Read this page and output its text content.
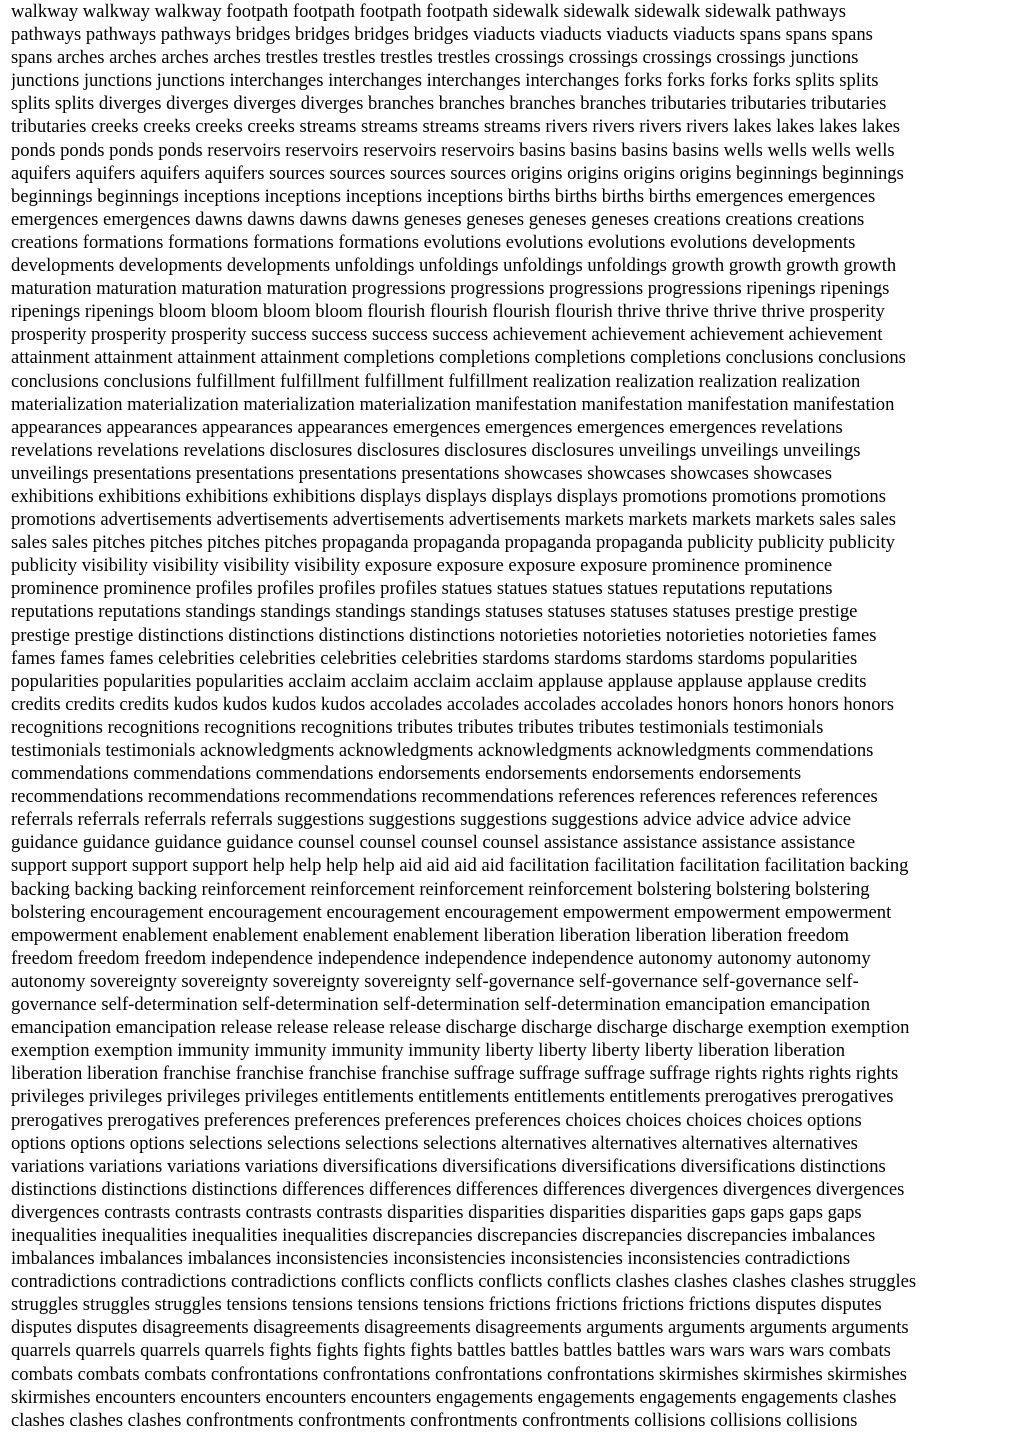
walkway walkway walkway footpath footpath footpath footpath sidewalk sidewalk sidewalk sidewalk pathways
pathways pathways pathways bridges bridges bridges bridges viaducts viaducts viaducts viaducts spans spans spans
spans arches arches arches arches trestles trestles trestles trestles crossings crossings crossings crossings junctions
junctions junctions junctions interchanges interchanges interchanges interchanges forks forks forks forks splits splits
splits splits diverges diverges diverges diverges branches branches branches branches tributaries tributaries tributaries
tributaries creeks creeks creeks creeks streams streams streams streams rivers rivers rivers rivers lakes lakes lakes lakes
ponds ponds ponds ponds reservoirs reservoirs reservoirs reservoirs basins basins basins basins wells wells wells wells
aquifers aquifers aquifers aquifers sources sources sources sources origins origins origins origins beginnings beginnings
beginnings beginnings inceptions inceptions inceptions inceptions births births births births emergences emergences
emergences emergences dawns dawns dawns dawns geneses geneses geneses geneses creations creations creations
creations formations formations formations formations evolutions evolutions evolutions evolutions developments
developments developments developments unfoldings unfoldings unfoldings unfoldings growth growth growth growth
maturation maturation maturation maturation progressions progressions progressions progressions ripenings ripenings
ripenings ripenings bloom bloom bloom bloom flourish flourish flourish flourish thrive thrive thrive thrive prosperity
prosperity prosperity prosperity success success success success achievement achievement achievement achievement
attainment attainment attainment attainment completions completions completions completions conclusions conclusions
conclusions conclusions fulfillment fulfillment fulfillment fulfillment realization realization realization realization
materialization materialization materialization materialization manifestation manifestation manifestation manifestation
appearances appearances appearances appearances emergences emergences emergences emergences revelations
revelations revelations revelations disclosures disclosures disclosures disclosures unveilings unveilings unveilings
unveilings presentations presentations presentations presentations showcases showcases showcases showcases
exhibitions exhibitions exhibitions exhibitions displays displays displays displays promotions promotions promotions
promotions advertisements advertisements advertisements advertisements markets markets markets markets sales sales
sales sales pitches pitches pitches pitches propaganda propaganda propaganda propaganda publicity publicity publicity
publicity visibility visibility visibility visibility exposure exposure exposure exposure prominence prominence
prominence prominence profiles profiles profiles profiles statues statues statues statues reputations reputations
reputations reputations standings standings standings standings statuses statuses statuses statuses prestige prestige
prestige prestige distinctions distinctions distinctions distinctions notorieties notorieties notorieties notorieties fames
fames fames fames celebrities celebrities celebrities celebrities stardoms stardoms stardoms stardoms popularities
popularities popularities popularities acclaim acclaim acclaim acclaim applause applause applause applause credits
credits credits credits kudos kudos kudos kudos accolades accolades accolades accolades honors honors honors honors
recognitions recognitions recognitions recognitions tributes tributes tributes tributes testimonials testimonials
testimonials testimonials acknowledgments acknowledgments acknowledgments acknowledgments commendations
commendations commendations commendations endorsements endorsements endorsements endorsements
recommendations recommendations recommendations recommendations references references references references
referrals referrals referrals referrals suggestions suggestions suggestions suggestions advice advice advice advice
guidance guidance guidance guidance counsel counsel counsel counsel assistance assistance assistance assistance
support support support support help help help help aid aid aid aid facilitation facilitation facilitation facilitation backing
backing backing backing reinforcement reinforcement reinforcement reinforcement bolstering bolstering bolstering
bolstering encouragement encouragement encouragement encouragement empowerment empowerment empowerment
empowerment enablement enablement enablement enablement liberation liberation liberation liberation freedom
freedom freedom freedom independence independence independence independence autonomy autonomy autonomy
autonomy sovereignty sovereignty sovereignty sovereignty self-governance self-governance self-governance self-
governance self-determination self-determination self-determination self-determination emancipation emancipation
emancipation emancipation release release release release discharge discharge discharge discharge exemption exemption
exemption exemption immunity immunity immunity immunity liberty liberty liberty liberty liberation liberation
liberation liberation franchise franchise franchise franchise suffrage suffrage suffrage suffrage rights rights rights rights
privileges privileges privileges privileges entitlements entitlements entitlements entitlements prerogatives prerogatives
prerogatives prerogatives preferences preferences preferences preferences choices choices choices choices options
options options options selections selections selections selections alternatives alternatives alternatives alternatives
variations variations variations variations diversifications diversifications diversifications diversifications distinctions
distinctions distinctions distinctions differences differences differences differences divergences divergences divergences
divergences contrasts contrasts contrasts contrasts disparities disparities disparities disparities gaps gaps gaps gaps
inequalities inequalities inequalities inequalities discrepancies discrepancies discrepancies discrepancies imbalances
imbalances imbalances imbalances inconsistencies inconsistencies inconsistencies inconsistencies contradictions
contradictions contradictions contradictions conflicts conflicts conflicts conflicts clashes clashes clashes clashes struggles
struggles struggles struggles tensions tensions tensions tensions frictions frictions frictions frictions disputes disputes
disputes disputes disagreements disagreements disagreements disagreements arguments arguments arguments arguments
quarrels quarrels quarrels quarrels fights fights fights fights battles battles battles battles wars wars wars wars combats
combats combats combats confrontations confrontations confrontations confrontations skirmishes skirmishes skirmishes
skirmishes encounters encounters encounters encounters engagements engagements engagements engagements clashes
clashes clashes clashes confrontments confrontments confrontments confrontments collisions collisions collisions
